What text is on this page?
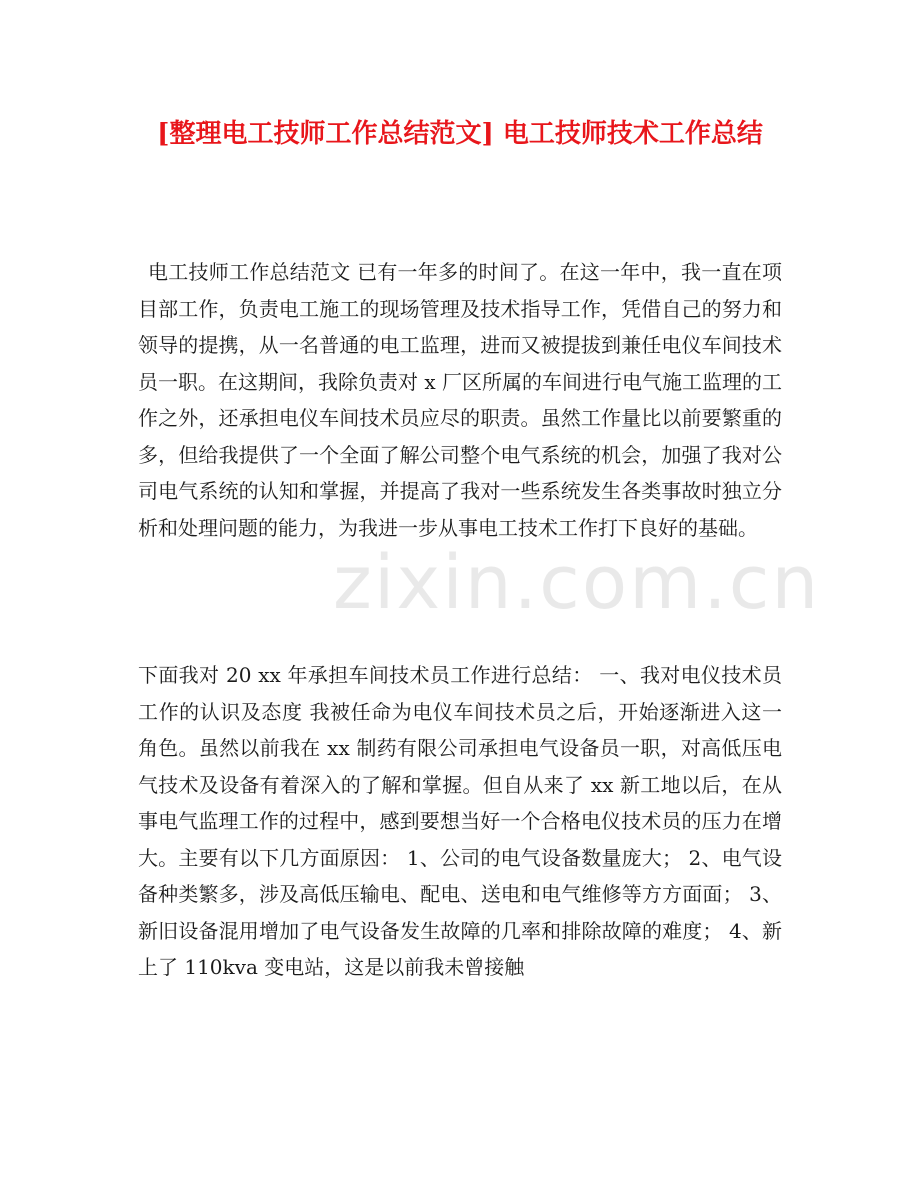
[整理电工技师工作总结范文] 电工技师技术工作总结
zixin.com.cn
电工技师工作总结范文 已有一年多的时间了。在这一年中，我一直在项目部工作，负责电工施工的现场管理及技术指导工作，凭借自己的努力和领导的提携，从一名普通的电工监理，进而又被提拔到兼任电仪车间技术员一职。在这期间，我除负责对 x 厂区所属的车间进行电气施工监理的工作之外，还承担电仪车间技术员应尽的职责。虽然工作量比以前要繁重的多，但给我提供了一个全面了解公司整个电气系统的机会，加强了我对公司电气系统的认知和掌握，并提高了我对一些系统发生各类事故时独立分析和处理问题的能力，为我进一步从事电工技术工作打下良好的基础。
下面我对 20 xx 年承担车间技术员工作进行总结： 一、我对电仪技术员工作的认识及态度 我被任命为电仪车间技术员之后，开始逐渐进入这一角色。虽然以前我在 xx 制药有限公司承担电气设备员一职，对高低压电气技术及设备有着深入的了解和掌握。但自从来了 xx 新工地以后，在从事电气监理工作的过程中，感到要想当好一个合格电仪技术员的压力在增大。主要有以下几方面原因： 1、公司的电气设备数量庞大； 2、电气设备种类繁多，涉及高低压输电、配电、送电和电气维修等方方面面； 3、新旧设备混用增加了电气设备发生故障的几率和排除故障的难度； 4、新上了 110kva 变电站，这是以前我未曾接触
